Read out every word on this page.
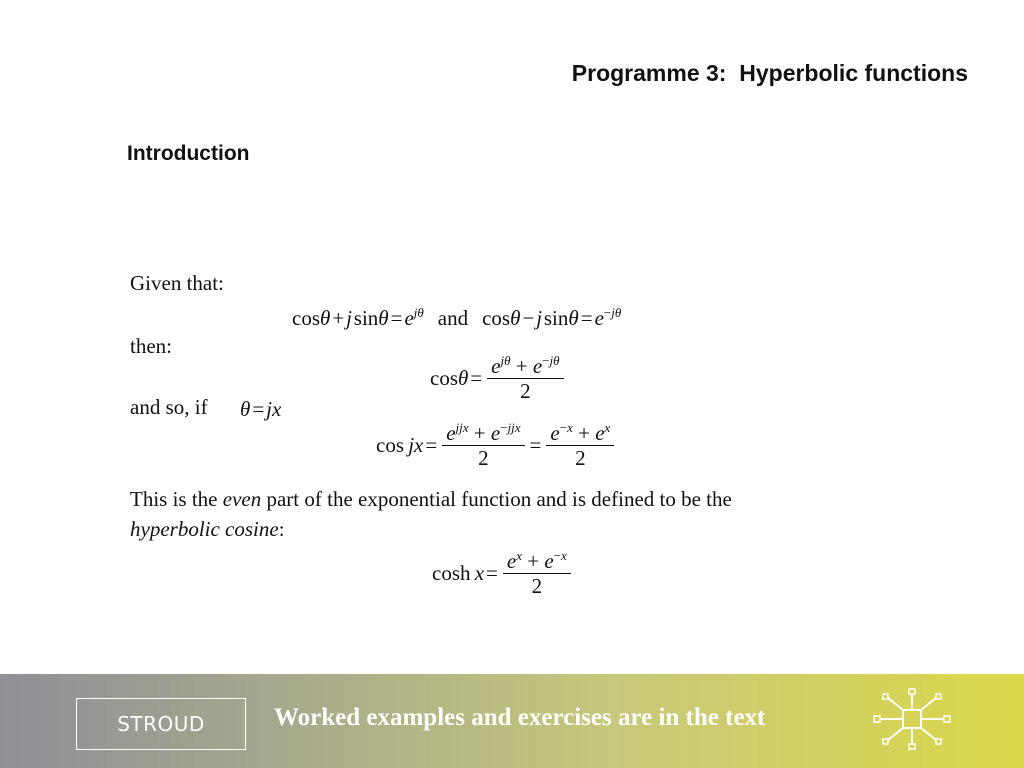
Programme 3:  Hyperbolic functions
Introduction
Given that:
cosθ + j $\sin\theta = e^{j\theta}$ and cosθ − j $\sin\theta = e^{-j\theta}$
then:
$\cos\theta = \frac{e^{j\theta} + e^{-j\theta}}{2}$
and so, if θ = jx
cos jx = $\frac{e^{jjx} + e^{-jjx}}{2} = \frac{e^{-x} + e^x}{2}$
This is the even part of the exponential function and is defined to be the
hyperbolic cosine:
$\cosh x = \frac{e^x + e^{-x}}{2}$
STROUD	Worked examples and exercises are in the text
